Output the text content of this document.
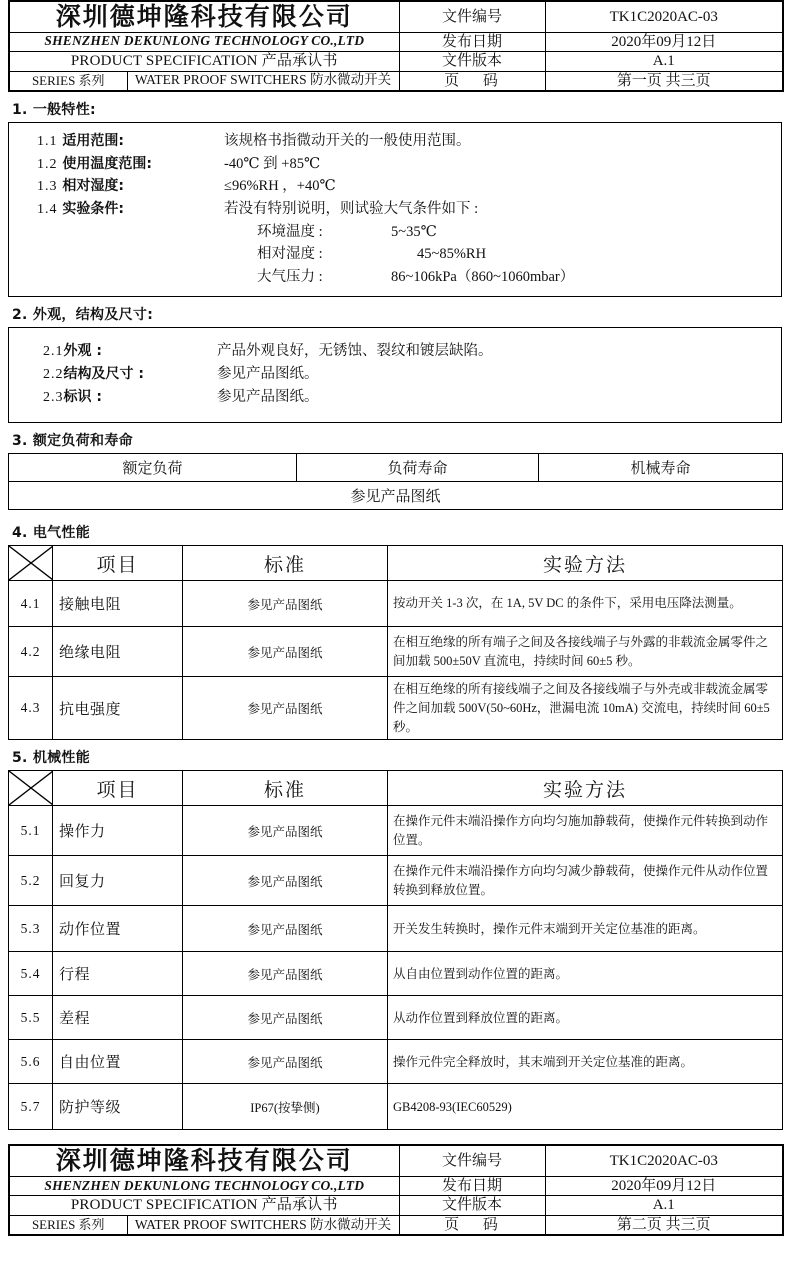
深圳德坤隆科技有限公司		文件编号	TK1C2020AC-03
SHENZHEN DEKUNLONG TECHNOLOGY CO.,LTD		发布日期	2020年09月12日
PRODUCT SPECIFICATION 产品承认书		文件版本	A.1
SERIES 系列	WATER PROOF SWITCHERS 防水微动开关	页 码	第一页 共三页
1. 一般特性:
1.1 适用范围:	该规格书指微动开关的一般使用范围。
1.2 使用温度范围:	-40℃ 到 +85℃
1.3 相对湿度:	≤96%RH ，+40℃
1.4 实验条件:	若没有特别说明，则试验大气条件如下 :
环境温度 :	5~35℃
相对湿度 :	45~85%RH
大气压力 :	86~106kPa（860~1060mbar）
2. 外观，结构及尺寸:
2.1外观 :	产品外观良好，无锈蚀、裂纹和镀层缺陷。
2.2结构及尺寸 :	参见产品图纸。
2.3标识 :	参见产品图纸。
3. 额定负荷和寿命
额定负荷	负荷寿命	机械寿命
参见产品图纸
4. 电气性能
	项目	标准	实验方法
4.1	接触电阻	参见产品图纸	按动开关 1-3 次，在 1A, 5V DC 的条件下，采用电压降法测量。
4.2	绝缘电阻	参见产品图纸	在相互绝缘的所有端子之间及各接线端子与外露的非载流金属零件之间加载 500±50V 直流电，持续时间 60±5 秒。
4.3	抗电强度	参见产品图纸	在相互绝缘的所有接线端子之间及各接线端子与外壳或非载流金属零件之间加载 500V(50~60Hz，泄漏电流 10mA) 交流电，持续时间 60±5 秒。
5. 机械性能
	项目	标准	实验方法
5.1	操作力	参见产品图纸	在操作元件末端沿操作方向均匀施加静载荷，使操作元件转换到动作位置。
5.2	回复力	参见产品图纸	在操作元件末端沿操作方向均匀减少静载荷，使操作元件从动作位置转换到释放位置。
5.3	动作位置	参见产品图纸	开关发生转换时，操作元件末端到开关定位基准的距离。
5.4	行程	参见产品图纸	从自由位置到动作位置的距离。
5.5	差程	参见产品图纸	从动作位置到释放位置的距离。
5.6	自由位置	参见产品图纸	操作元件完全释放时，其末端到开关定位基准的距离。
5.7	防护等级	IP67(按挚侧)	GB4208-93(IEC60529)
深圳德坤隆科技有限公司		文件编号	TK1C2020AC-03
SHENZHEN DEKUNLONG TECHNOLOGY CO.,LTD		发布日期	2020年09月12日
PRODUCT SPECIFICATION 产品承认书		文件版本	A.1
SERIES 系列	WATER PROOF SWITCHERS 防水微动开关	页 码	第二页 共三页
